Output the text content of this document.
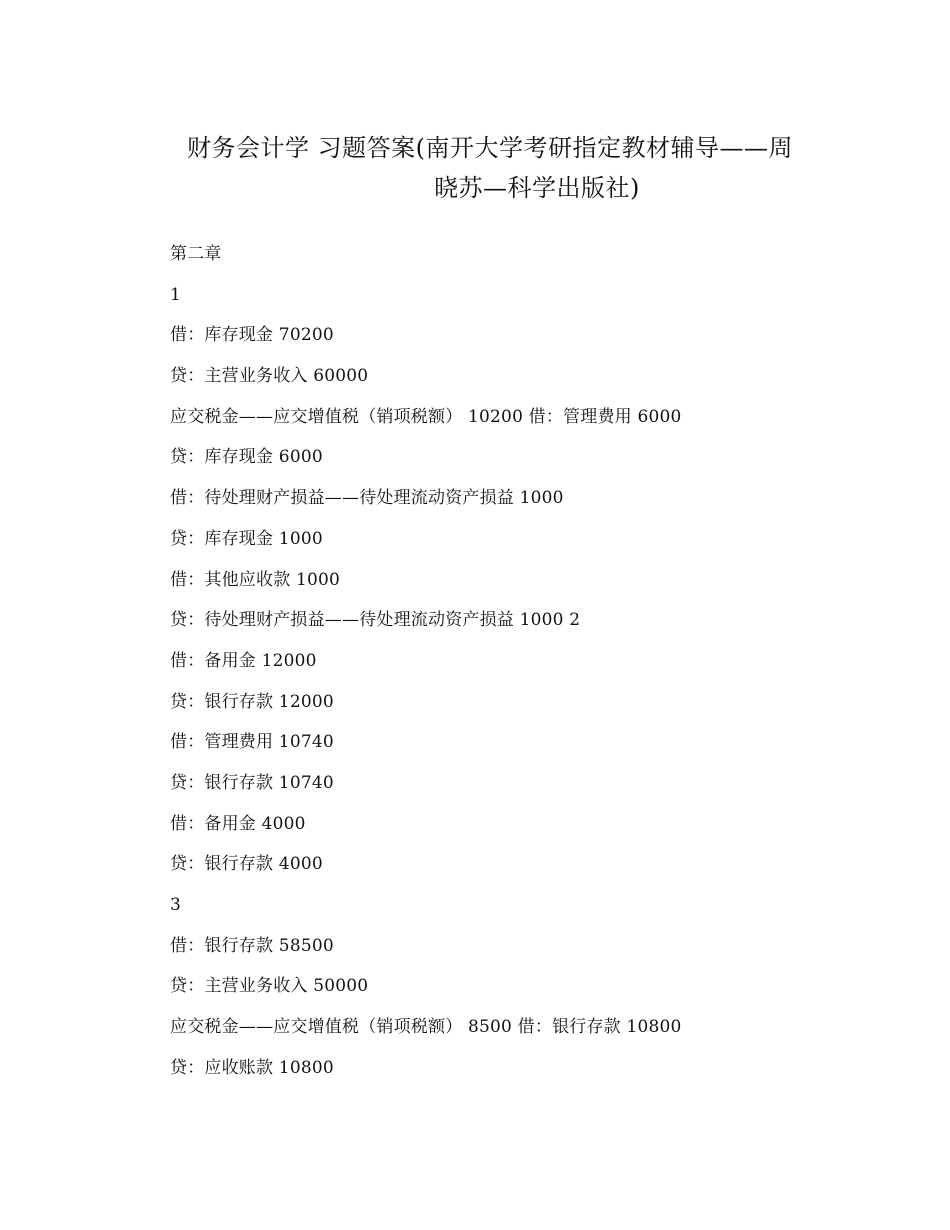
财务会计学 习题答案(南开大学考研指定教材辅导——周
晓苏—科学出版社)
第二章
1
借：库存现金 70200
贷：主营业务收入 60000
应交税金——应交增值税（销项税额） 10200 借：管理费用 6000
贷：库存现金 6000
借：待处理财产损益——待处理流动资产损益 1000
贷：库存现金 1000
借：其他应收款 1000
贷：待处理财产损益——待处理流动资产损益 1000 2
借：备用金 12000
贷：银行存款 12000
借：管理费用 10740
贷：银行存款 10740
借：备用金 4000
贷：银行存款 4000
3
借：银行存款 58500
贷：主营业务收入 50000
应交税金——应交增值税（销项税额） 8500 借：银行存款 10800
贷：应收账款 10800
